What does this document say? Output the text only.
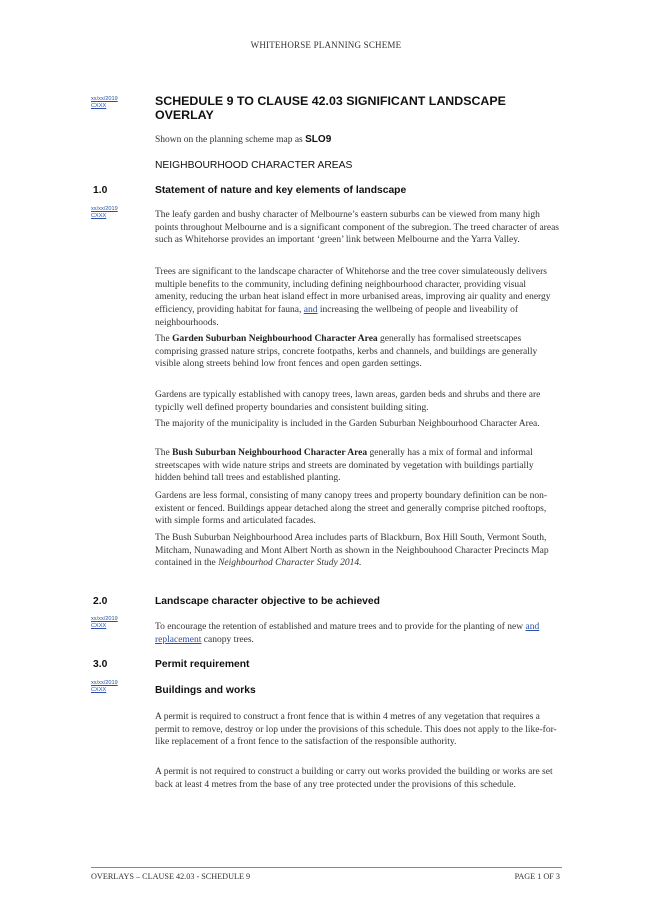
WHITEHORSE PLANNING SCHEME
xx/xx/2019
CXXX	SCHEDULE 9 TO CLAUSE 42.03 SIGNIFICANT LANDSCAPE OVERLAY
Shown on the planning scheme map as SLO9
NEIGHBOURHOOD CHARACTER AREAS
1.0	Statement of nature and key elements of landscape
xx/xx/2019
CXXX	The leafy garden and bushy character of Melbourne’s eastern suburbs can be viewed from many high points throughout Melbourne and is a significant component of the subregion. The treed character of areas such as Whitehorse provides an important ‘green’ link between Melbourne and the Yarra Valley.
Trees are significant to the landscape character of Whitehorse and the tree cover simulateously delivers multiple benefits to the community, including defining neighbourhood character, providing visual amenity, reducing the urban heat island effect in more urbanised areas, improving air quality and energy efficiency, providing habitat for fauna, and increasing the wellbeing of people and liveability of neighbourhoods.
The Garden Suburban Neighbourhood Character Area generally has formalised streetscapes comprising grassed nature strips, concrete footpaths, kerbs and channels, and buildings are generally visible along streets behind low front fences and open garden settings.
Gardens are typically established with canopy trees, lawn areas, garden beds and shrubs and there are typiclly well defined property boundaries and consistent building siting.
The majority of the municipality is included in the Garden Suburban Neighbourhood Character Area.
The Bush Suburban Neighbourhood Character Area generally has a mix of formal and informal streetscapes with wide nature strips and streets are dominated by vegetation with buildings partially hidden behind tall trees and established planting.
Gardens are less formal, consisting of many canopy trees and property boundary definition can be non-existent or fenced. Buildings appear detached along the street and generally comprise pitched rooftops, with simple forms and articulated facades.
The Bush Suburban Neighbourhood Area includes parts of Blackburn, Box Hill South, Vermont South, Mitcham, Nunawading and Mont Albert North as shown in the Neighbouhood Character Precincts Map contained in the Neighbourhod Character Study 2014.
2.0	Landscape character objective to be achieved
xx/xx/2019
CXXX	To encourage the retention of established and mature trees and to provide for the planting of new and replacement canopy trees.
3.0	Permit requirement
xx/xx/2019
CXXX	Buildings and works
A permit is required to construct a front fence that is within 4 metres of any vegetation that requires a permit to remove, destroy or lop under the provisions of this schedule. This does not apply to the like-for-like replacement of a front fence to the satisfaction of the responsible authority.
A permit is not required to construct a building or carry out works provided the building or works are set back at least 4 metres from the base of any tree protected under the provisions of this schedule.
OVERLAYS – CLAUSE 42.03 - SCHEDULE 9	PAGE 1 OF 3
